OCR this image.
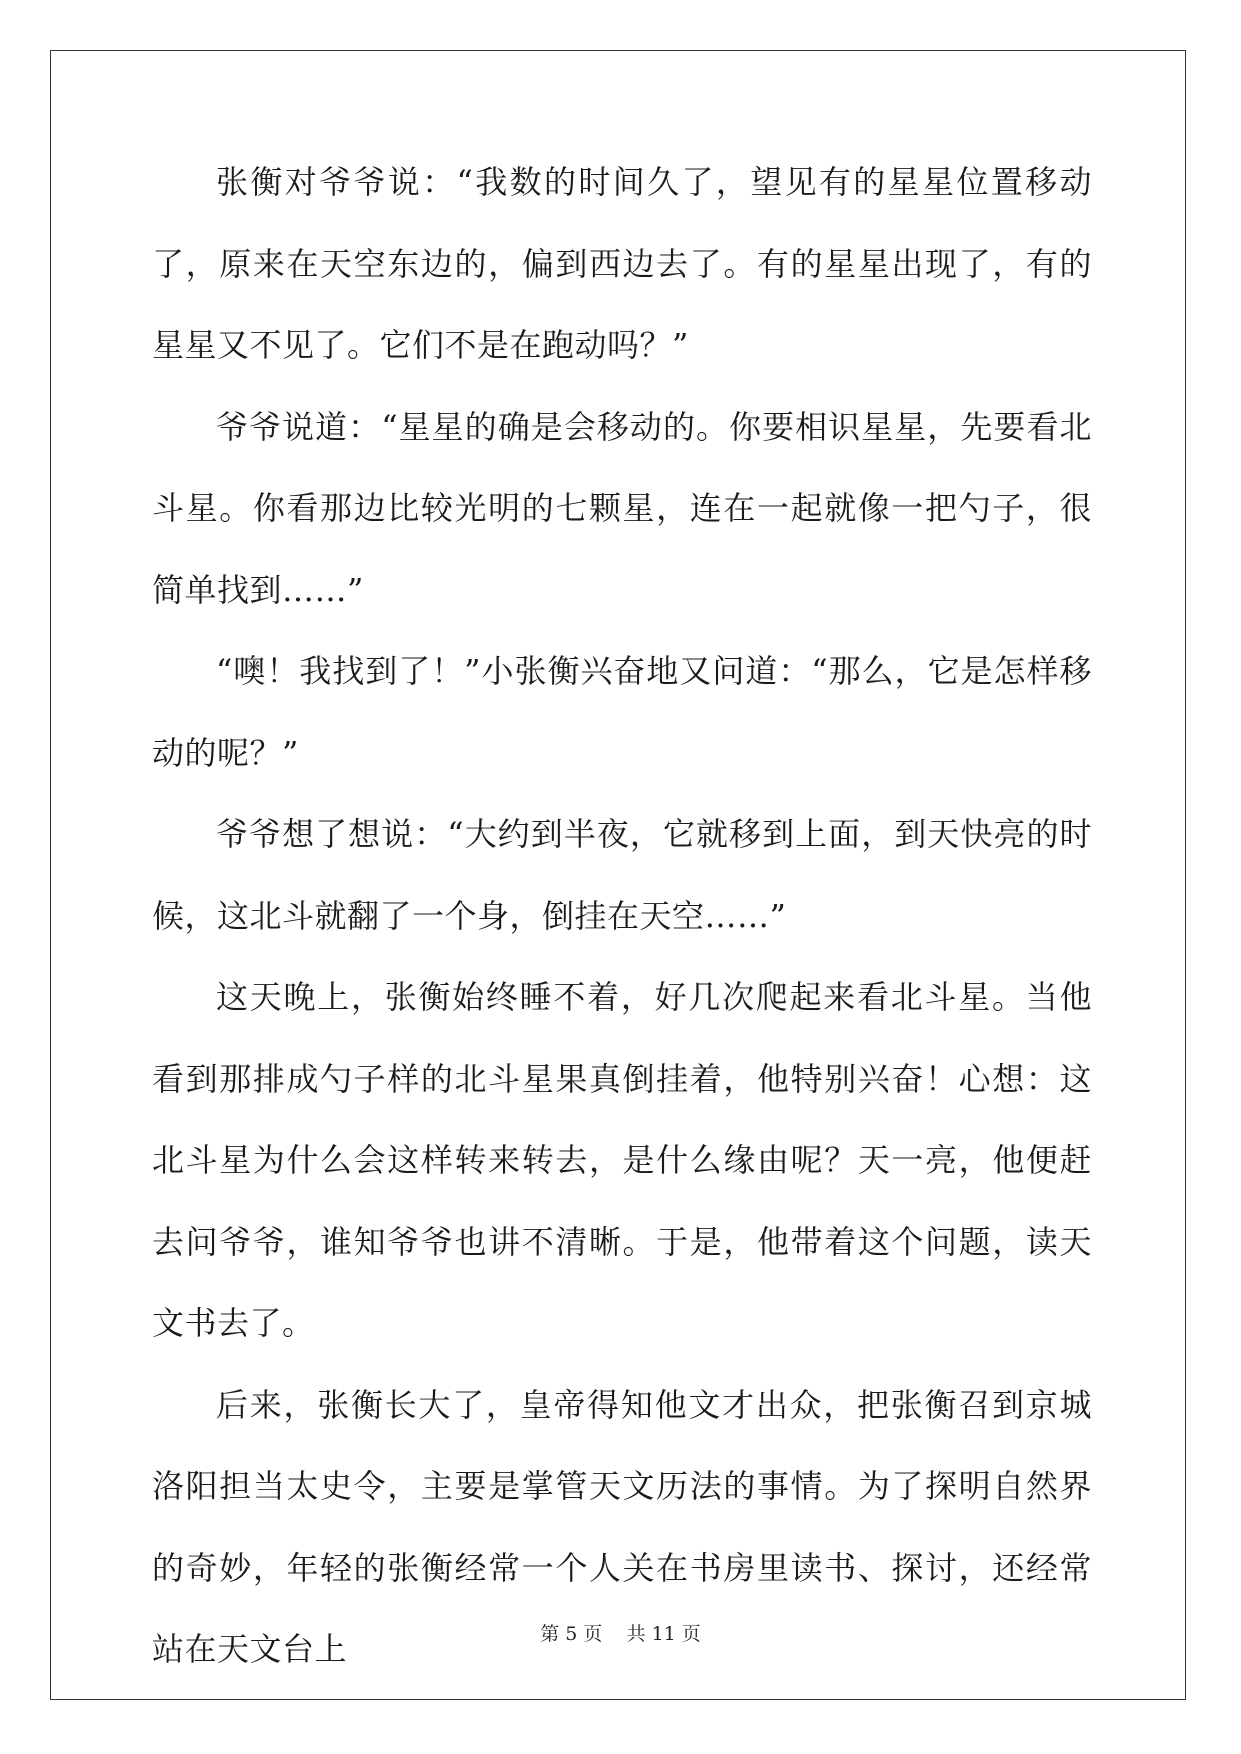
张衡对爷爷说：“我数的时间久了，望见有的星星位置移动了，原来在天空东边的，偏到西边去了。有的星星出现了，有的星星又不见了。它们不是在跑动吗？”

爷爷说道：“星星的确是会移动的。你要相识星星，先要看北斗星。你看那边比较光明的七颗星，连在一起就像一把勺子，很简单找到……”

“噢！我找到了！”小张衡兴奋地又问道：“那么，它是怎样移动的呢？”

爷爷想了想说：“大约到半夜，它就移到上面，到天快亮的时候，这北斗就翻了一个身，倒挂在天空……”

这天晚上，张衡始终睡不着，好几次爬起来看北斗星。当他看到那排成勺子样的北斗星果真倒挂着，他特别兴奋！心想：这北斗星为什么会这样转来转去，是什么缘由呢？天一亮，他便赶去问爷爷，谁知爷爷也讲不清晰。于是，他带着这个问题，读天文书去了。

后来，张衡长大了，皇帝得知他文才出众，把张衡召到京城洛阳担当太史令，主要是掌管天文历法的事情。为了探明自然界的奇妙，年轻的张衡经常一个人关在书房里读书、探讨，还经常站在天文台上	第 5 页 共 11 页
